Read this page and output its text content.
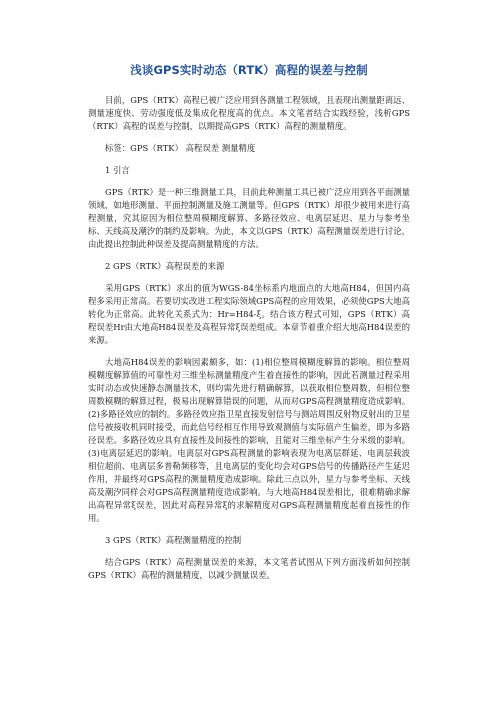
浅谈GPS实时动态（RTK）高程的误差与控制

目前，GPS（RTK）高程已被广泛应用到各测量工程领域，且表现出测量距离远、测量速度快、劳动强度低及集成化程度高的优点。本文笔者结合实践经验，浅析GPS（RTK）高程的误差与控制，以期提高GPS（RTK）高程的测量精度。

标签：GPS（RTK） 高程误差 测量精度

1 引言

GPS（RTK）是一种三维测量工具，目前此种测量工具已被广泛应用到各平面测量领域，如地形测量、平面控制测量及施工测量等。但GPS（RTK）却很少被用来进行高程测量，究其原因为相位整周模糊度解算、多路径效应、电离层延迟、星力与参考坐标、天线高及潮汐的制约及影响。为此，本文以GPS（RTK）高程测量误差进行讨论，由此提出控制此种误差及提高测量精度的方法。

2 GPS（RTK）高程误差的来源

采用GPS（RTK）求出的值为WGS-84坐标系内地面点的大地高H84，但国内高程多采用正常高。若要切实改进工程实际领域GPS高程的应用效果，必须使GPS大地高转化为正常高。此转化关系式为：Hr=H84-ξ。结合该方程式可知，GPS（RTK）高程误差Hr由大地高H84误差及高程异常ξ误差组成。本章节着重介绍大地高H84误差的来源。

大地高H84误差的影响因素颇多，如：(1)相位整周模糊度解算的影响。相位整周模糊度解算值的可靠性对三维坐标测量精度产生着直接性的影响，因此若测量过程采用实时动态或快速静态测量技术，则均需先进行精确解算，以获取相位整周数，但相位整周数模糊的解算过程，极易出现解算错误的问题，从而对GPS高程测量精度造成影响。(2)多路径效应的制约。多路径效应指卫星直接发射信号与测站周围反射物反射出的卫星信号被接收机同时接受，而此信号经相互作用导致观测值与实际值产生偏差，即为多路径误差。多路径效应具有直接性及间接性的影响，且能对三维坐标产生分米级的影响。(3)电离层延迟的影响。电离层对GPS高程测量的影响表现为电离层群延、电离层载波相位超前、电离层多普勒频移等，且电离层的变化均会对GPS信号的传播路径产生延迟作用，并最终对GPS高程的测量精度造成影响。除此三点以外，星力与参考坐标、天线高及潮汐同样会对GPS高程测量精度造成影响。与大地高H84误差相比，很难精确求解出高程异常ξ误差，因此对高程异常ξ的求解精度对GPS高程测量精度起着直接性的作用。

3 GPS（RTK）高程测量精度的控制

结合GPS（RTK）高程测量误差的来源，本文笔者试图从下列方面浅析如何控制GPS（RTK）高程的测量精度，以减少测量误差。
